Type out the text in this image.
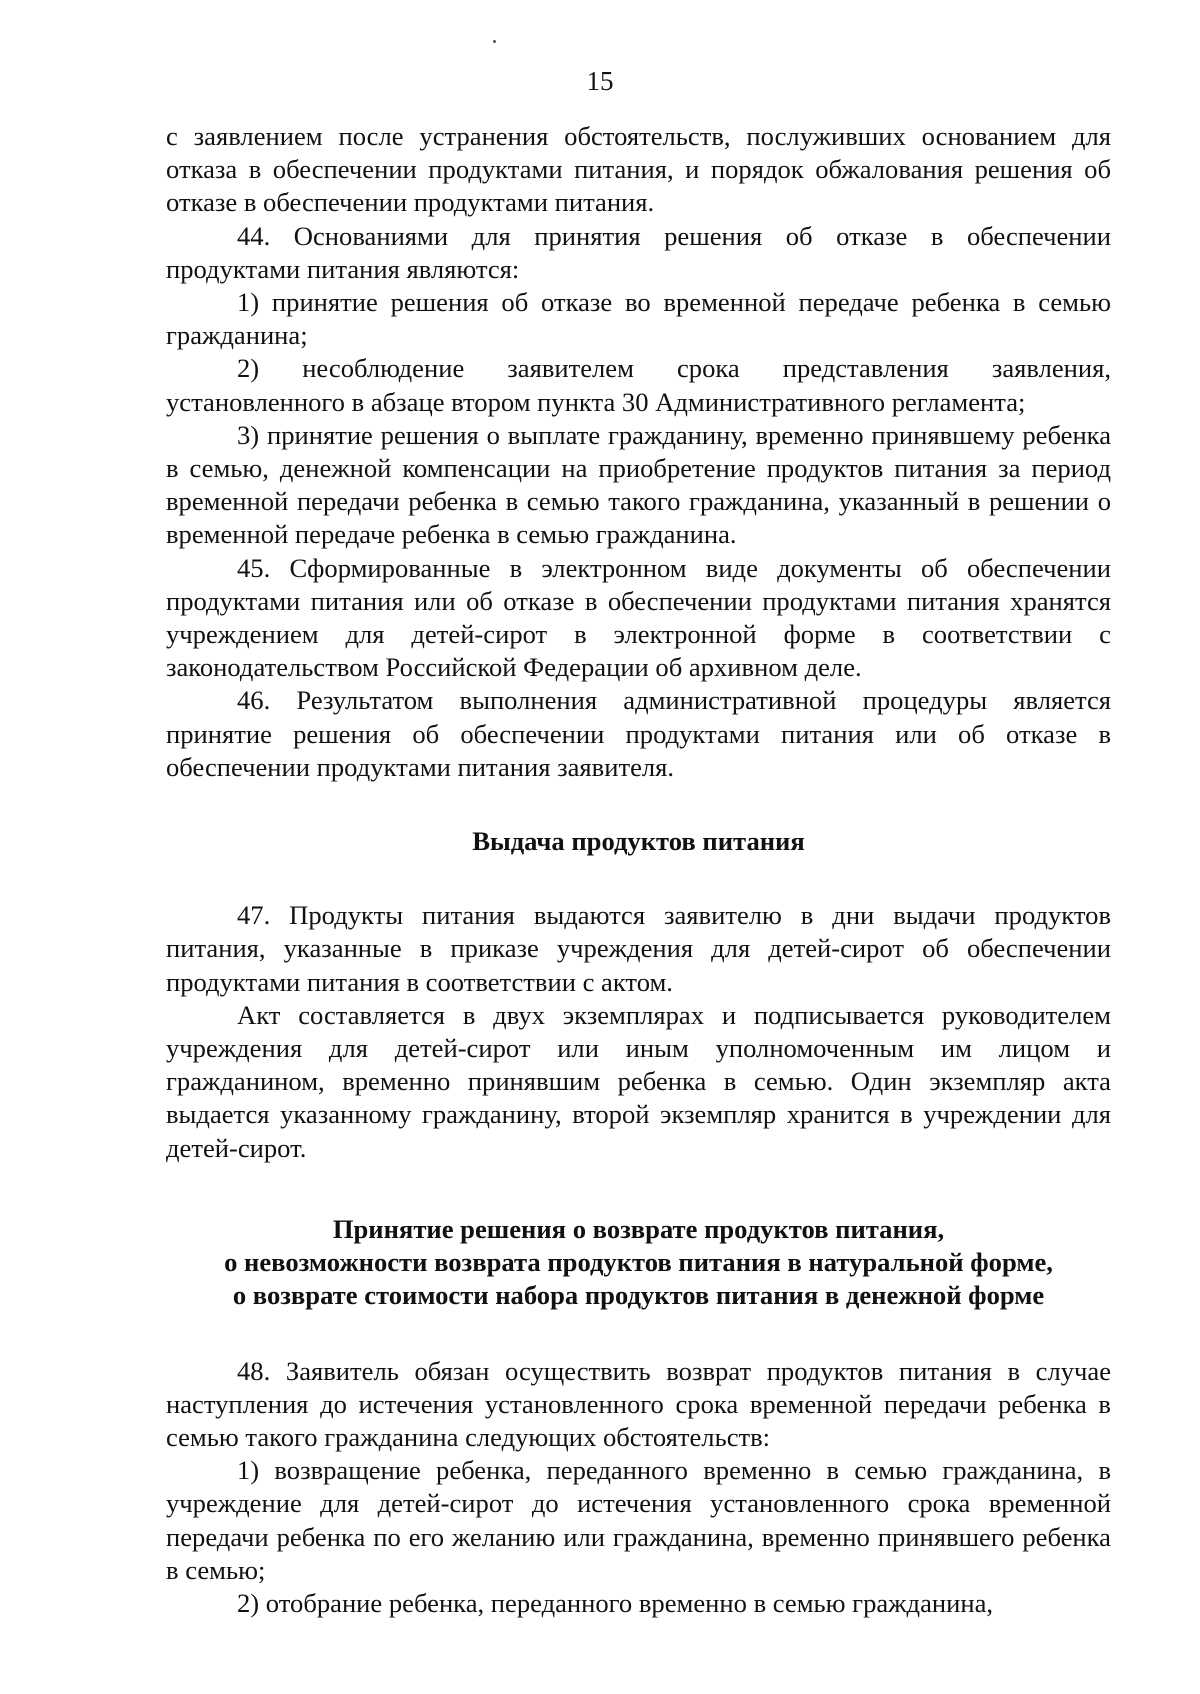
15

с заявлением после устранения обстоятельств, послуживших основанием для отказа в обеспечении продуктами питания, и порядок обжалования решения об отказе в обеспечении продуктами питания.

44. Основаниями для принятия решения об отказе в обеспечении продуктами питания являются:

1) принятие решения об отказе во временной передаче ребенка в семью гражданина;

2) несоблюдение заявителем срока представления заявления, установленного в абзаце втором пункта 30 Административного регламента;

3) принятие решения о выплате гражданину, временно принявшему ребенка в семью, денежной компенсации на приобретение продуктов питания за период временной передачи ребенка в семью такого гражданина, указанный в решении о временной передаче ребенка в семью гражданина.

45. Сформированные в электронном виде документы об обеспечении продуктами питания или об отказе в обеспечении продуктами питания хранятся учреждением для детей-сирот в электронной форме в соответствии с законодательством Российской Федерации об архивном деле.

46. Результатом выполнения административной процедуры является принятие решения об обеспечении продуктами питания или об отказе в обеспечении продуктами питания заявителя.

Выдача продуктов питания

47. Продукты питания выдаются заявителю в дни выдачи продуктов питания, указанные в приказе учреждения для детей-сирот об обеспечении продуктами питания в соответствии с актом.

Акт составляется в двух экземплярах и подписывается руководителем учреждения для детей-сирот или иным уполномоченным им лицом и гражданином, временно принявшим ребенка в семью. Один экземпляр акта выдается указанному гражданину, второй экземпляр хранится в учреждении для детей-сирот.

Принятие решения о возврате продуктов питания,
о невозможности возврата продуктов питания в натуральной форме,
о возврате стоимости набора продуктов питания в денежной форме

48. Заявитель обязан осуществить возврат продуктов питания в случае наступления до истечения установленного срока временной передачи ребенка в семью такого гражданина следующих обстоятельств:

1) возвращение ребенка, переданного временно в семью гражданина, в учреждение для детей-сирот до истечения установленного срока временной передачи ребенка по его желанию или гражданина, временно принявшего ребенка в семью;

2) отобрание ребенка, переданного временно в семью гражданина,
